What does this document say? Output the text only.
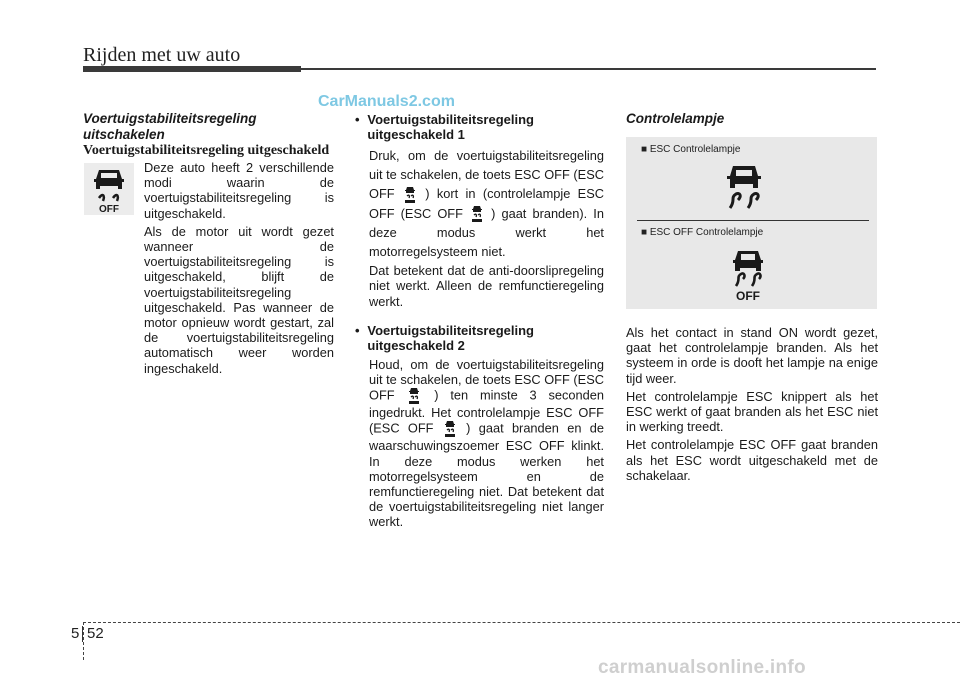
Rijden met uw auto
CarManuals2.com
Voertuigstabiliteitsregeling
uitschakelen
Voertuigstabiliteitsregeling uitgeschakeld
OFF

Deze auto heeft 2 verschillende modi waarin de voertuigstabiliteitsregeling is uitgeschakeld.

Als de motor uit wordt gezet wanneer de voertuigstabiliteitsregeling is uitgeschakeld, blijft de voertuigstabiliteitsregeling uitgeschakeld. Pas wanneer de motor opnieuw wordt gestart, zal de voertuigstabiliteitsregeling automatisch weer worden ingeschakeld.

• Voertuigstabiliteitsregeling uitgeschakeld 1

Druk, om de voertuigstabiliteitsregeling uit te schakelen, de toets ESC OFF (ESC OFF ) kort in (controlelampje ESC OFF (ESC OFF ) gaat branden). In deze modus werkt het motorregelsysteem niet.

Dat betekent dat de anti-doorslipregeling niet werkt. Alleen de remfunctieregeling werkt.

• Voertuigstabiliteitsregeling uitgeschakeld 2

Houd, om de voertuigstabiliteitsregeling uit te schakelen, de toets ESC OFF (ESC OFF	) ten minste 3 seconden ingedrukt. Het controlelampje ESC OFF (ESC OFF	) gaat branden en de waarschuwingszoemer ESC OFF klinkt. In deze modus werken het motorregelsysteem en de remfunctieregeling niet. Dat betekent dat de voertuigstabiliteitsregeling niet langer werkt.

Controlelampje
■ ESC Controlelampje
■ ESC OFF Controlelampje
OFF

Als het contact in stand ON wordt gezet, gaat het controlelampje branden. Als het systeem in orde is dooft het lampje na enige tijd weer.

Het controlelampje ESC knippert als het ESC werkt of gaat branden als het ESC niet in werking treedt.

Het controlelampje ESC OFF gaat branden als het ESC wordt uitgeschakeld met de schakelaar.

5 52
carmanualsonline.info
